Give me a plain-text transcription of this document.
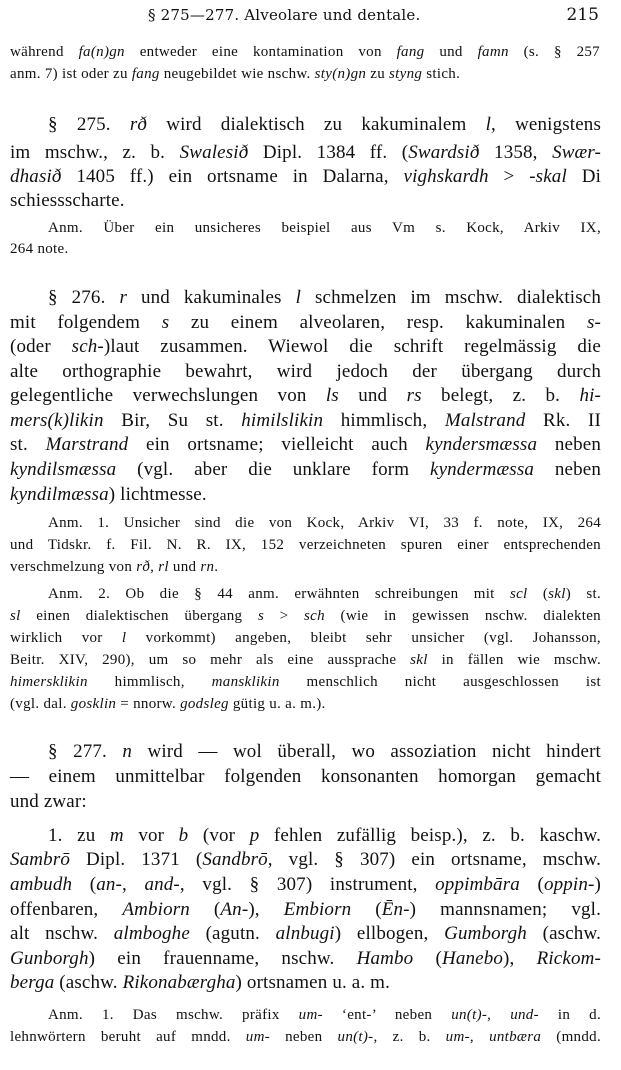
§ 275—277. Alveolare und dentale.	215
während fa(n)gn entweder eine kontamination von fang und famn (s. § 257
anm. 7) ist oder zu fang neugebildet wie nschw. sty(n)gn zu styng stich.
§ 275. rð wird dialektisch zu kakuminalem l, wenigstens
im mschw., z. b. Swalesið Dipl. 1384 ff. (Swardsið 1358, Swær-
dhasið 1405 ff.) ein ortsname in Dalarna, vighskardh > -skal Di
schiessscharte.
Anm. Über ein unsicheres beispiel aus Vm s. Kock, Arkiv IX,
264 note.
§ 276. r und kakuminales l schmelzen im mschw. dialektisch
mit folgendem s zu einem alveolaren, resp. kakuminalen s-
(oder sch-)laut zusammen. Wiewol die schrift regelmässig die
alte orthographie bewahrt, wird jedoch der übergang durch
gelegentliche verwechslungen von ls und rs belegt, z. b. hi-
mers(k)likin Bir, Su st. himilslikin himmlisch, Malstrand Rk. II
st. Marstrand ein ortsname; vielleicht auch kyndersmæssa neben
kyndilsmæssa (vgl. aber die unklare form kyndermæssa neben
kyndilmæssa) lichtmesse.
Anm. 1. Unsicher sind die von Kock, Arkiv VI, 33 f. note, IX, 264
und Tidskr. f. Fil. N. R. IX, 152 verzeichneten spuren einer entsprechenden
verschmelzung von rð, rl und rn.
Anm. 2. Ob die § 44 anm. erwähnten schreibungen mit scl (skl) st.
sl einen dialektischen übergang s > sch (wie in gewissen nschw. dialekten
wirklich vor l vorkommt) angeben, bleibt sehr unsicher (vgl. Johansson,
Beitr. XIV, 290), um so mehr als eine aussprache skl in fällen wie mschw.
himersklikin himmlisch, mansklikin menschlich nicht ausgeschlossen ist
(vgl. dal. gosklin = nnorw. godsleg gütig u. a. m.).
§ 277. n wird — wol überall, wo assoziation nicht hindert
— einem unmittelbar folgenden konsonanten homorgan gemacht
und zwar:
1. zu m vor b (vor p fehlen zufällig beisp.), z. b. kaschw.
Sambrō Dipl. 1371 (Sandbrō, vgl. § 307) ein ortsname, mschw.
ambudh (an-, and-, vgl. § 307) instrument, oppimbāra (oppin-)
offenbaren, Ambiorn (An-), Embiorn (Ēn-) mannsnamen; vgl.
alt nschw. almboghe (agutn. alnbugi) ellbogen, Gumborgh (aschw.
Gunborgh) ein frauenname, nschw. Hambo (Hanebo), Rickom-
berga (aschw. Rikonabærgha) ortsnamen u. a. m.
Anm. 1. Das mschw. präfix um- ‘ent-’ neben un(t)-, und- in d.
lehnwörtern beruht auf mndd. um- neben un(t)-, z. b. um-, untbæra (mndd.
